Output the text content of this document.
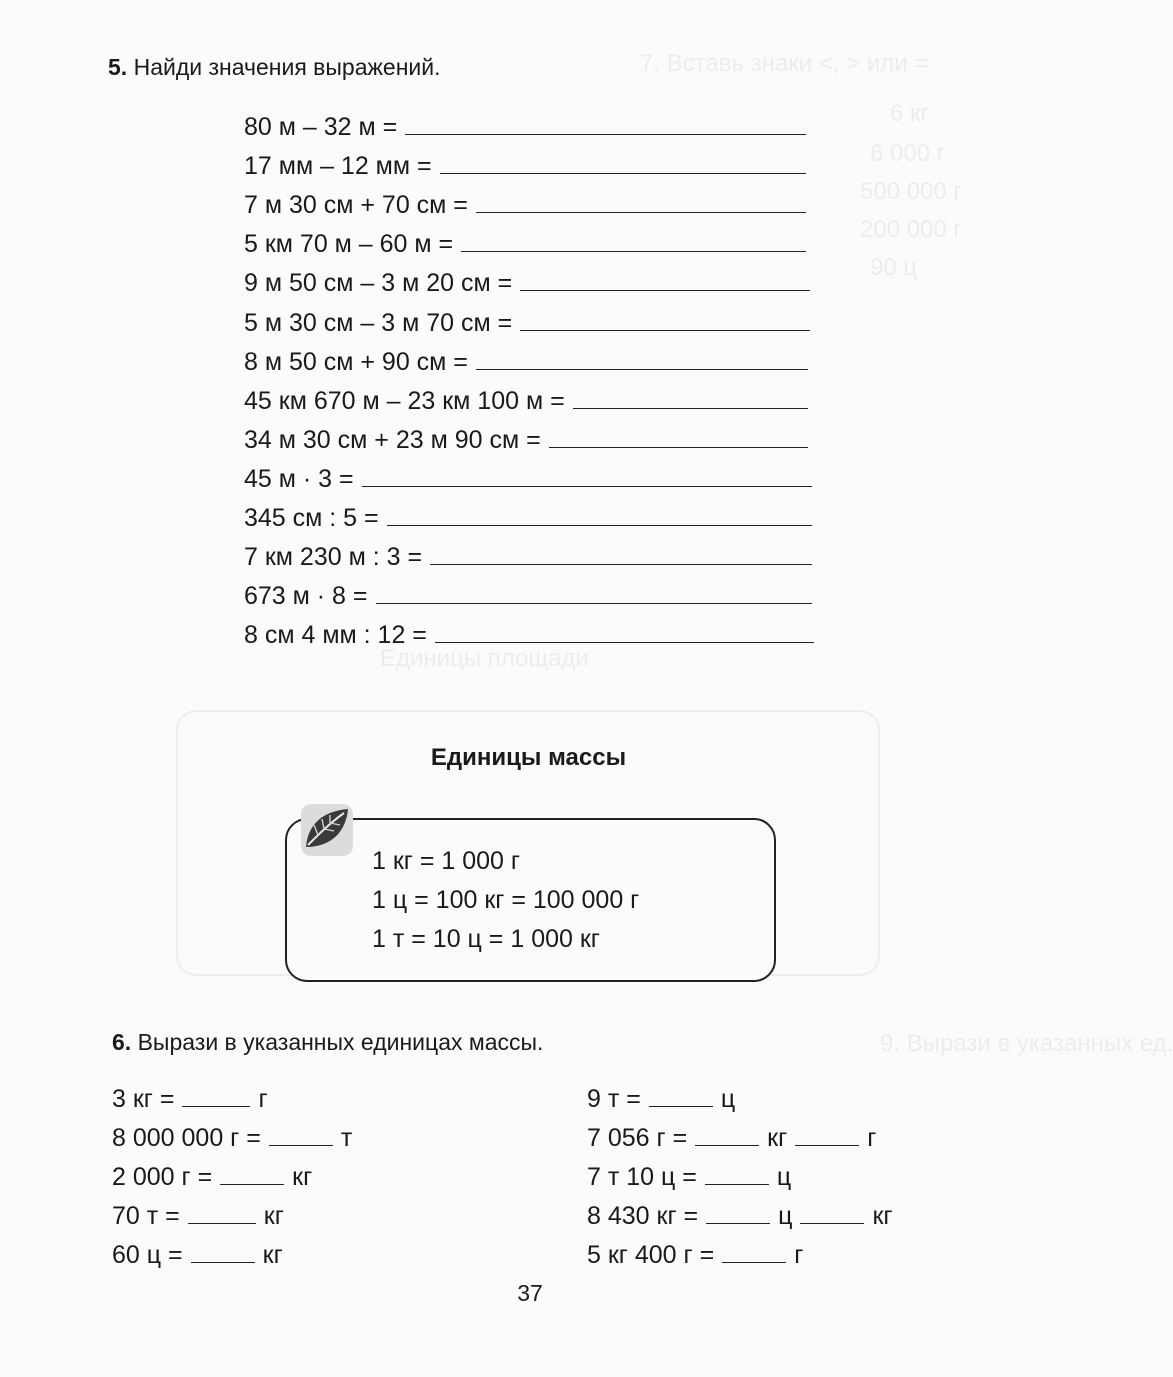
7. Вставь знаки <, > или =
6 кг
6 000 г
500 000 г
200 000 г
90 ц
Единицы площади
9. Вырази в указанных ед.
5. Найди значения выражений.
80 м – 32 м =
17 мм – 12 мм =
7 м 30 см + 70 см =
5 км 70 м – 60 м =
9 м 50 см – 3 м 20 см =
5 м 30 см – 3 м 70 см =
8 м 50 см + 90 см =
45 км 670 м – 23 км 100 м =
34 м 30 см + 23 м 90 см =
45 м · 3 =
345 см : 5 =
7 км 230 м : 3 =
673 м · 8 =
8 см 4 мм : 12 =
Единицы массы
1 кг = 1 000 г
1 ц = 100 кг = 100 000 г
1 т = 10 ц = 1 000 кг
6. Вырази в указанных единицах массы.
3 кг =	г
8 000 000 г =	т
2 000 г =	кг
70 т =	кг
60 ц =	кг
9 т =	ц
7 056 г =	кг	г
7 т 10 ц =	ц
8 430 кг =	ц	кг
5 кг 400 г =	г
37
